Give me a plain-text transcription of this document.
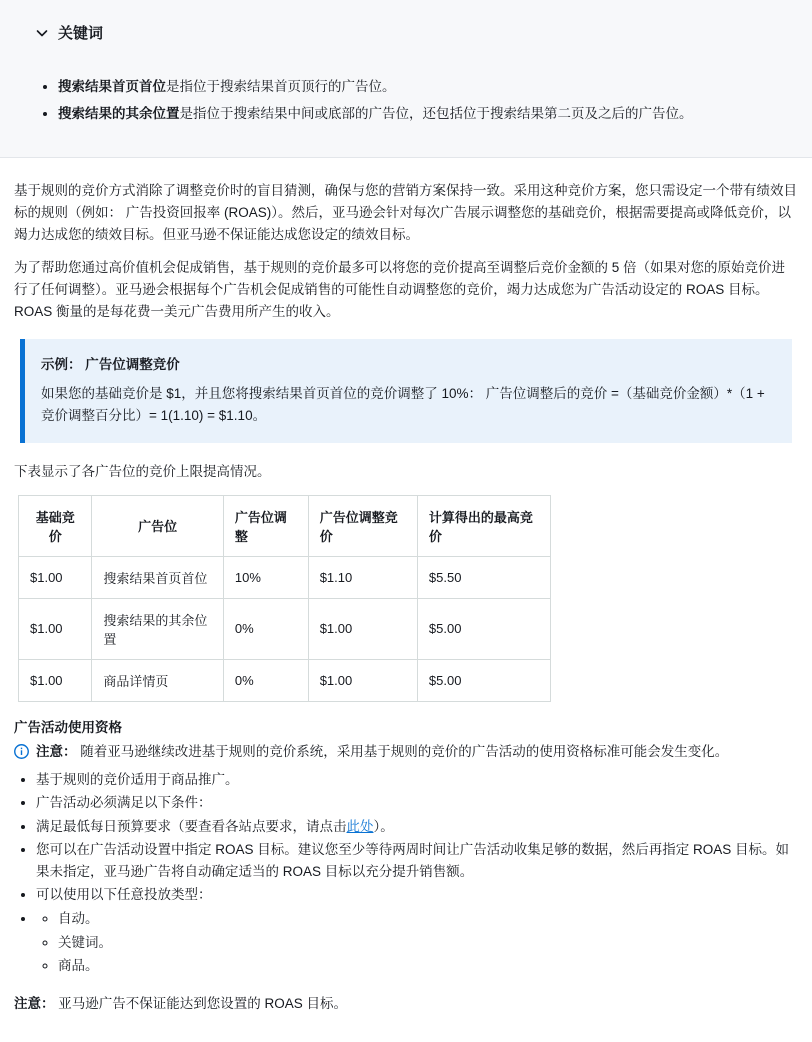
关键词
• 搜索结果首页首位是指位于搜索结果首页顶行的广告位。
• 搜索结果的其余位置是指位于搜索结果中间或底部的广告位，还包括位于搜索结果第二页及之后的广告位。

基于规则的竞价方式消除了调整竞价时的盲目猜测，确保与您的营销方案保持一致。采用这种竞价方案，您只需设定一个带有绩效目标的规则（例如： 广告投资回报率 (ROAS)）。然后，亚马逊会针对每次广告展示调整您的基础竞价，根据需要提高或降低竞价，以竭力达成您的绩效目标。但亚马逊不保证能达成您设定的绩效目标。

为了帮助您通过高价值机会促成销售，基于规则的竞价最多可以将您的竞价提高至调整后竞价金额的 5 倍（如果对您的原始竞价进行了任何调整）。亚马逊会根据每个广告机会促成销售的可能性自动调整您的竞价，竭力达成您为广告活动设定的 ROAS 目标。ROAS 衡量的是每花费一美元广告费用所产生的收入。

示例： 广告位调整竞价

如果您的基础竞价是 $1，并且您将搜索结果首页首位的竞价调整了 10%： 广告位调整后的竞价 =（基础竞价金额）*（1 + 竞价调整百分比）= 1(1.10) = $1.10。

下表显示了各广告位的竞价上限提高情况。

基础竞价	广告位	广告位调整	广告位调整竞价	计算得出的最高竞价
$1.00	搜索结果首页首位	10%	$1.10	$5.50
$1.00	搜索结果的其余位置	0%	$1.00	$5.00
$1.00	商品详情页	0%	$1.00	$5.00
广告活动使用资格
注意： 随着亚马逊继续改进基于规则的竞价系统，采用基于规则的竞价的广告活动的使用资格标准可能会发生变化。
• 基于规则的竞价适用于商品推广。
• 广告活动必须满足以下条件：
• 满足最低每日预算要求（要查看各站点要求，请点击此处）。
• 您可以在广告活动设置中指定 ROAS 目标。建议您至少等待两周时间让广告活动收集足够的数据，然后再指定 ROAS 目标。如果未指定，亚马逊广告将自动确定适当的 ROAS 目标以充分提升销售额。
• 可以使用以下任意投放类型：
◦ • 自动。
◦ 关键词。
◦ 商品。

注意： 亚马逊广告不保证能达到您设置的 ROAS 目标。
